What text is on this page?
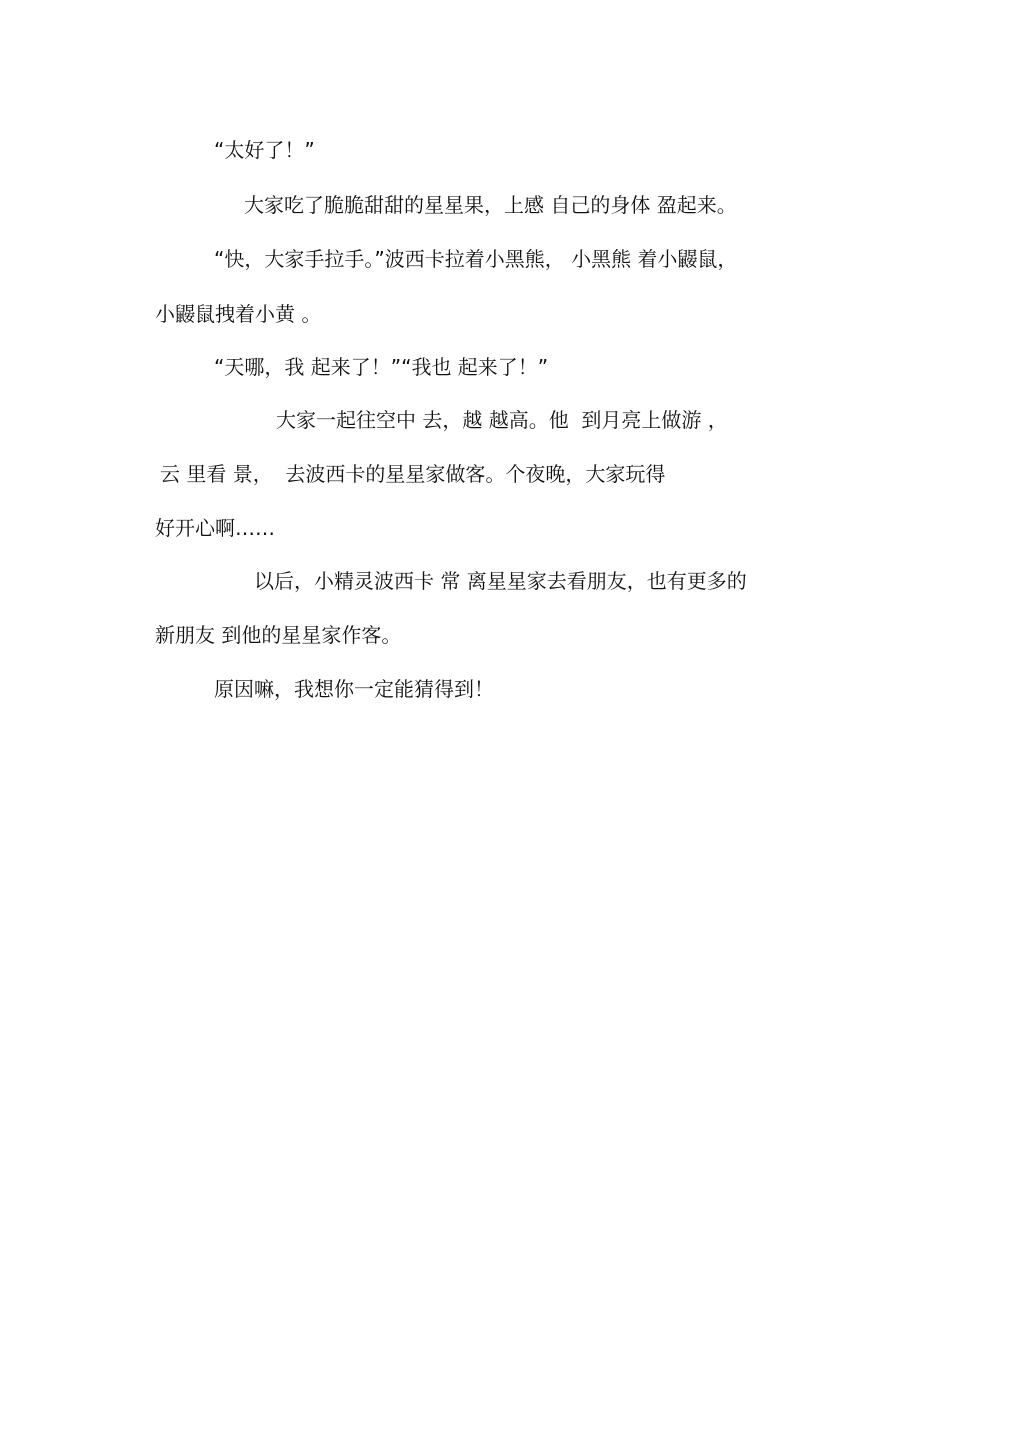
“太好了！”

大家吃了脆脆甜甜的星星果，上感 自己的身体 盈起来。

“快，大家手拉手。”波西卡拉着小黑熊， 小黑熊 着小鼹鼠，

小鼹鼠拽着小黄 。

“天哪，我 起来了！”“我也 起来了！”

大家一起往空中 去，越 越高。他  到月亮上做游 ，

云 里看 景，  去波西卡的星星家做客。个夜晚，大家玩得

好开心啊……

以后，小精灵波西卡 常 离星星家去看朋友，也有更多的

新朋友 到他的星星家作客。

原因嘛，我想你一定能猜得到！
